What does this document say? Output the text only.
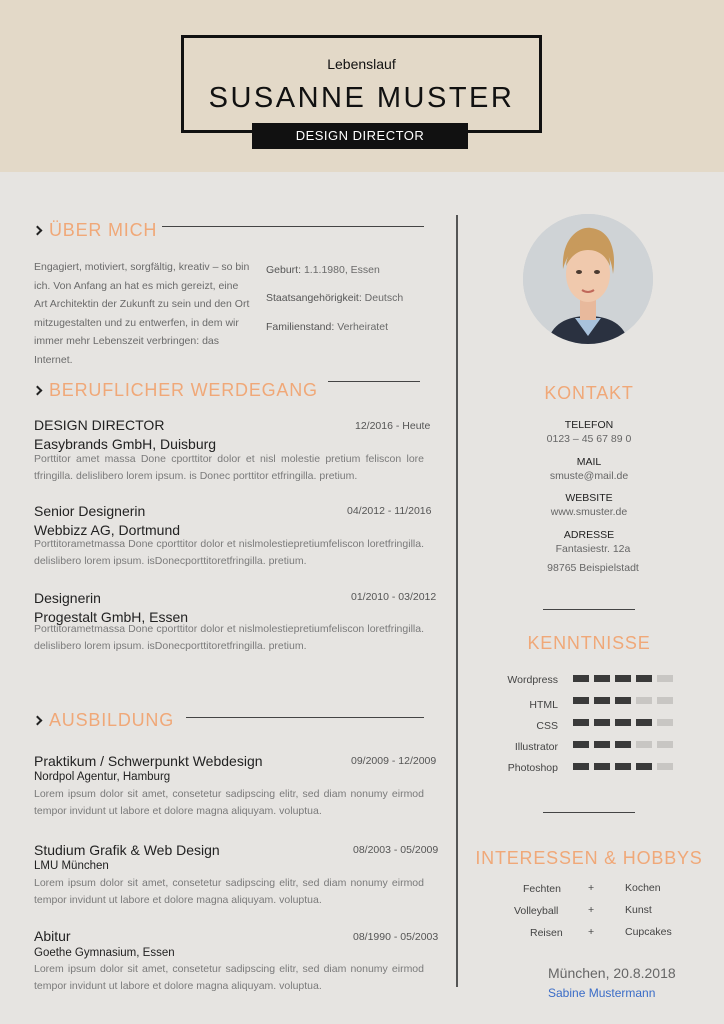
Lebenslauf
SUSANNE MUSTER
DESIGN DIRECTOR
ÜBER MICH
Engagiert, motiviert, sorgfältig, kreativ – so bin ich. Von Anfang an hat es mich gereizt, eine Art Architektin der Zukunft zu sein und den Ort mitzugestalten und zu entwerfen, in dem wir immer mehr Lebenszeit verbringen: das Internet.
Geburt: 1.1.1980, Essen
Staatsangehörigkeit: Deutsch
Familienstand: Verheiratet
BERUFLICHER WERDEGANG
DESIGN DIRECTOR	12/2016 - Heute
Easybrands GmbH, Duisburg
Porttitor amet massa Done cporttitor dolor et nisl molestie pretium feliscon lore tfringilla. delislibero lorem ipsum. is Donec porttitor etfringilla. pretium.
Senior Designerin	04/2012 - 11/2016
Webbizz AG, Dortmund
Porttitorametmassa Done cporttitor dolor et nislmolestiepretiumfeliscon loretfringilla. delislibero lorem ipsum. isDonecporttitoretfringilla. pretium.
Designerin	01/2010 - 03/2012
Progestalt GmbH, Essen
Porttitorametmassa Done cporttitor dolor et nislmolestiepretiumfeliscon loretfringilla. delislibero lorem ipsum. isDonecporttitoretfringilla. pretium.
AUSBILDUNG
Praktikum / Schwerpunkt Webdesign	09/2009 - 12/2009
Nordpol Agentur, Hamburg
Lorem ipsum dolor sit amet, consetetur sadipscing elitr, sed diam nonumy eirmod tempor invidunt ut labore et dolore magna aliquyam. voluptua.
Studium Grafik & Web Design	08/2003 - 05/2009
LMU München
Lorem ipsum dolor sit amet, consetetur sadipscing elitr, sed diam nonumy eirmod tempor invidunt ut labore et dolore magna aliquyam. voluptua.
Abitur	08/1990 - 05/2003
Goethe Gymnasium, Essen
Lorem ipsum dolor sit amet, consetetur sadipscing elitr, sed diam nonumy eirmod tempor invidunt ut labore et dolore magna aliquyam. voluptua.
KONTAKT
TELEFON
0123 – 45 67 89 0
MAIL
smuste@mail.de
WEBSITE
www.smuster.de
ADRESSE
Fantasiestr. 12a
98765 Beispielstadt
KENNTNISSE
Wordpress
HTML
CSS
Illustrator
Photoshop
INTERESSEN & HOBBYS
Fechten	+	Kochen
Volleyball	+	Kunst
Reisen +	Cupcakes
München, 20.8.2018
Sabine Mustermann
